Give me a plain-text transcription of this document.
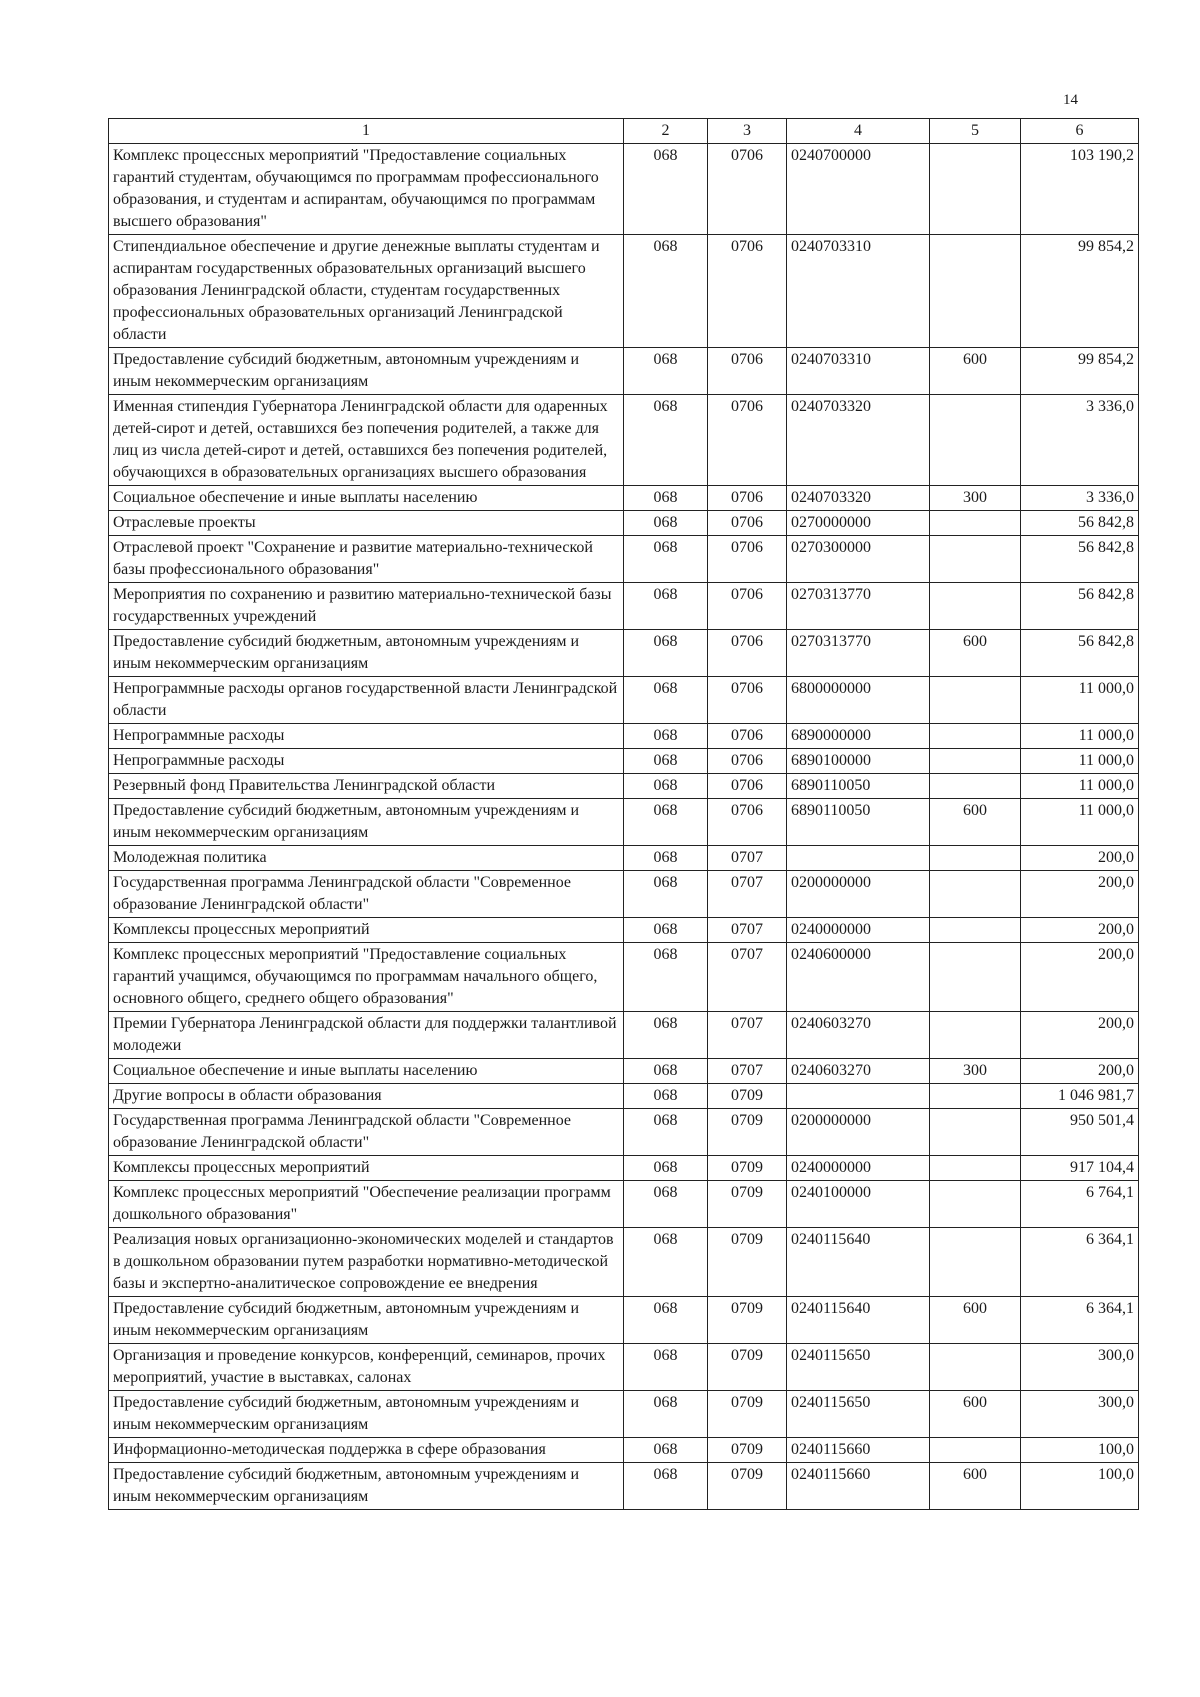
14
1	2	3	4	5	6
Комплекс процессных мероприятий "Предоставление социальных гарантий студентам, обучающимся по программам профессионального образования, и студентам и аспирантам, обучающимся по программам высшего образования"	068	0706	0240700000		103 190,2
Стипендиальное обеспечение и другие денежные выплаты студентам и аспирантам государственных образовательных организаций высшего образования Ленинградской области, студентам государственных профессиональных образовательных организаций Ленинградской области	068	0706	0240703310		99 854,2
Предоставление субсидий бюджетным, автономным учреждениям и иным некоммерческим организациям	068	0706	0240703310	600	99 854,2
Именная стипендия Губернатора Ленинградской области для одаренных детей-сирот и детей, оставшихся без попечения родителей, а также для лиц из числа детей-сирот и детей, оставшихся без попечения родителей, обучающихся в образовательных организациях высшего образования	068	0706	0240703320		3 336,0
Социальное обеспечение и иные выплаты населению	068	0706	0240703320	300	3 336,0
Отраслевые проекты	068	0706	0270000000		56 842,8
Отраслевой проект "Сохранение и развитие материально-технической базы профессионального образования"	068	0706	0270300000		56 842,8
Мероприятия по сохранению и развитию материально-технической базы государственных учреждений	068	0706	0270313770		56 842,8
Предоставление субсидий бюджетным, автономным учреждениям и иным некоммерческим организациям	068	0706	0270313770	600	56 842,8
Непрограммные расходы органов государственной власти Ленинградской области	068	0706	6800000000		11 000,0
Непрограммные расходы	068	0706	6890000000		11 000,0
Непрограммные расходы	068	0706	6890100000		11 000,0
Резервный фонд Правительства Ленинградской области	068	0706	6890110050		11 000,0
Предоставление субсидий бюджетным, автономным учреждениям и иным некоммерческим организациям	068	0706	6890110050	600	11 000,0
Молодежная политика	068	0707			200,0
Государственная программа Ленинградской области "Современное образование Ленинградской области"	068	0707	0200000000		200,0
Комплексы процессных мероприятий	068	0707	0240000000		200,0
Комплекс процессных мероприятий "Предоставление социальных гарантий учащимся, обучающимся по программам начального общего, основного общего, среднего общего образования"	068	0707	0240600000		200,0
Премии Губернатора Ленинградской области для поддержки талантливой молодежи	068	0707	0240603270		200,0
Социальное обеспечение и иные выплаты населению	068	0707	0240603270	300	200,0
Другие вопросы в области образования	068	0709			1 046 981,7
Государственная программа Ленинградской области "Современное образование Ленинградской области"	068	0709	0200000000		950 501,4
Комплексы процессных мероприятий	068	0709	0240000000		917 104,4
Комплекс процессных мероприятий "Обеспечение реализации программ дошкольного образования"	068	0709	0240100000		6 764,1
Реализация новых организационно-экономических моделей и стандартов в дошкольном образовании путем разработки нормативно-методической базы и экспертно-аналитическое сопровождение ее внедрения	068	0709	0240115640		6 364,1
Предоставление субсидий бюджетным, автономным учреждениям и иным некоммерческим организациям	068	0709	0240115640	600	6 364,1
Организация и проведение конкурсов, конференций, семинаров, прочих мероприятий, участие в выставках, салонах	068	0709	0240115650		300,0
Предоставление субсидий бюджетным, автономным учреждениям и иным некоммерческим организациям	068	0709	0240115650	600	300,0
Информационно-методическая поддержка в сфере образования	068	0709	0240115660		100,0
Предоставление субсидий бюджетным, автономным учреждениям и иным некоммерческим организациям	068	0709	0240115660	600	100,0
